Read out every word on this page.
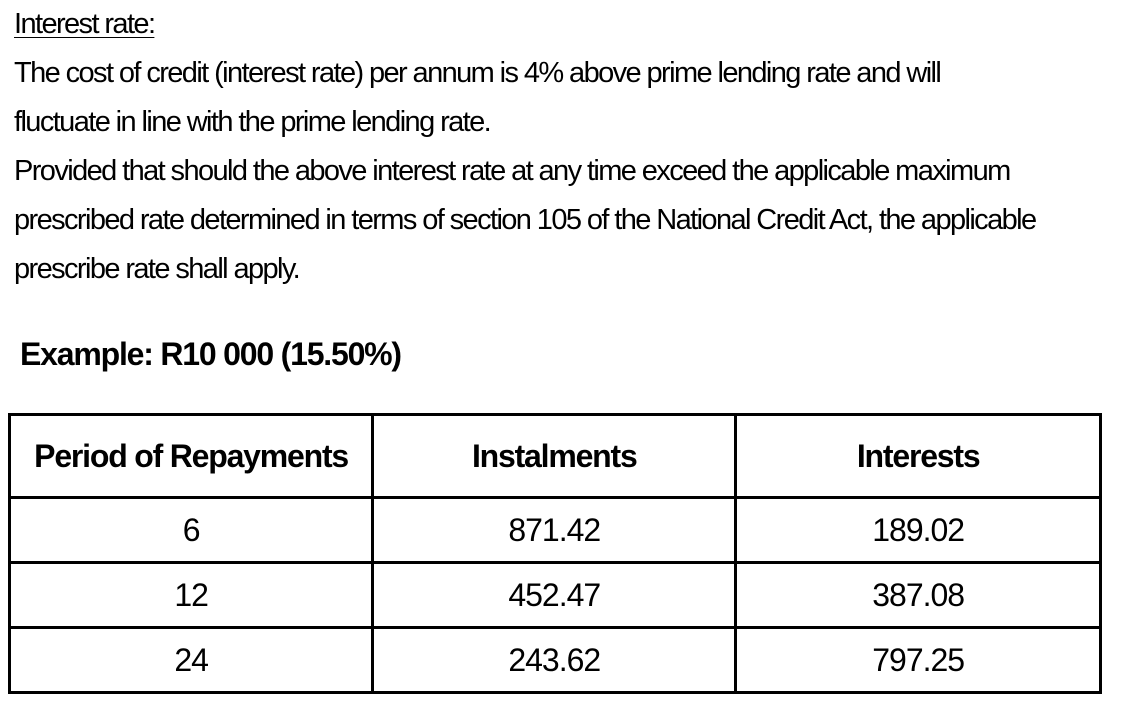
Interest rate:

The cost of credit (interest rate) per annum is 4% above prime lending rate and will
fluctuate in line with the prime lending rate.
Provided that should the above interest rate at any time exceed the applicable maximum
prescribed rate determined in terms of section 105 of the National Credit Act, the applicable
prescribe rate shall apply.

Example: R10 000 (15.50%)
Period of Repayments	Instalments	Interests
6	871.42	189.02
12	452.47	387.08
24	243.62	797.25
